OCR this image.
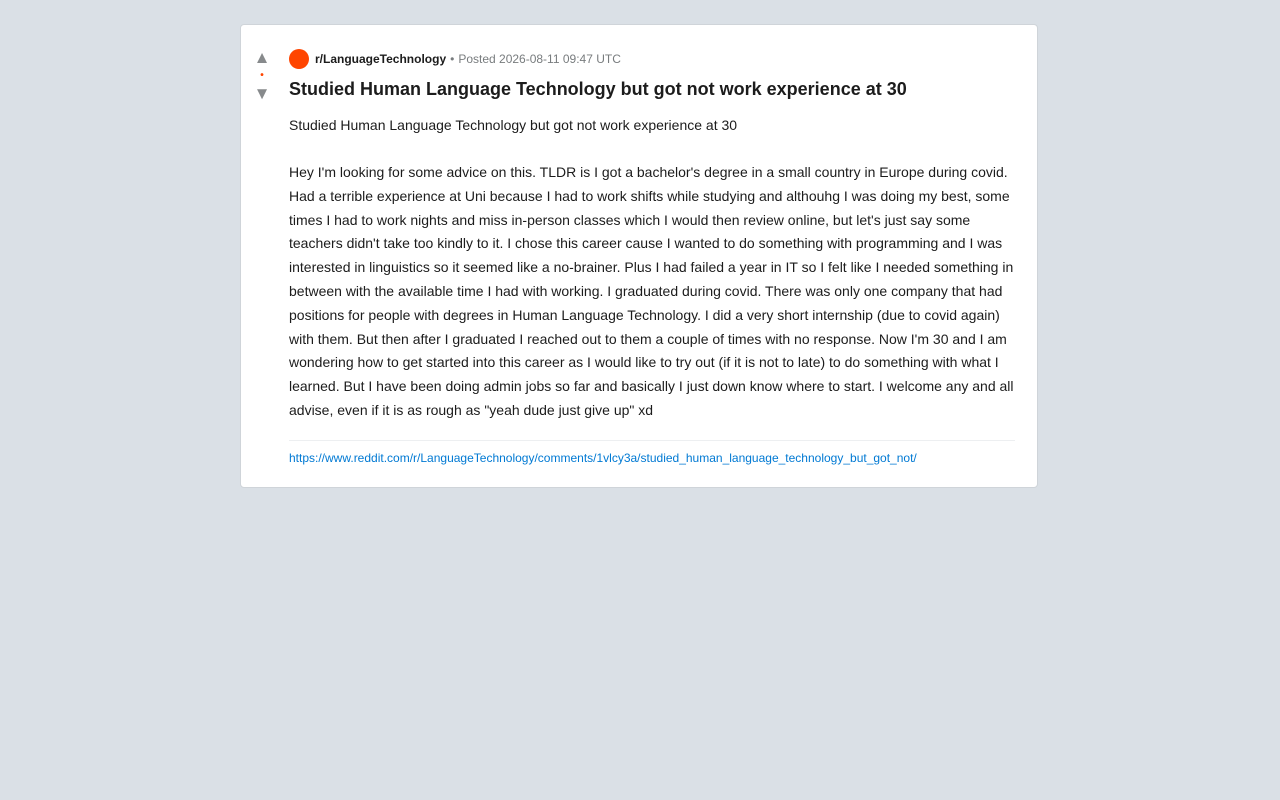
▲
•
▼
r/LanguageTechnology • Posted 2026-08-11 09:47 UTC
Studied Human Language Technology but got not work experience at 30

Studied Human Language Technology but got not work experience at 30

Hey I'm looking for some advice on this. TLDR is I got a bachelor's degree in a small country in Europe during covid. Had a terrible experience at Uni because I had to work shifts while studying and althouhg I was doing my best, some times I had to work nights and miss in-person classes which I would then review online, but let's just say some teachers didn't take too kindly to it. I chose this career cause I wanted to do something with programming and I was interested in linguistics so it seemed like a no-brainer. Plus I had failed a year in IT so I felt like I needed something in between with the available time I had with working. I graduated during covid. There was only one company that had positions for people with degrees in Human Language Technology. I did a very short internship (due to covid again) with them. But then after I graduated I reached out to them a couple of times with no response. Now I'm 30 and I am wondering how to get started into this career as I would like to try out (if it is not to late) to do something with what I learned. But I have been doing admin jobs so far and basically I just down know where to start. I welcome any and all advise, even if it is as rough as "yeah dude just give up" xd

https://www.reddit.com/r/LanguageTechnology/comments/1vlcy3a/studied_human_language_technology_but_got_not/
